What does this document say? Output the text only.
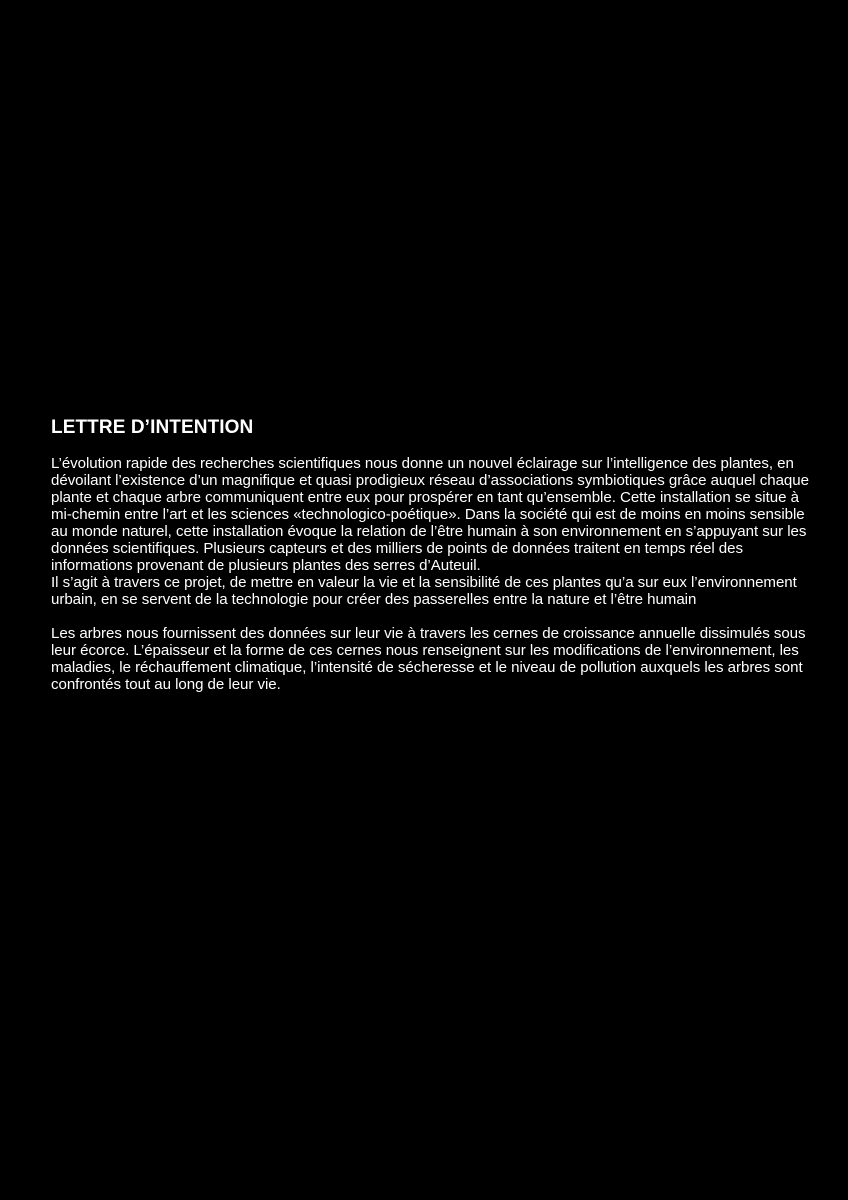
LETTRE D’INTENTION

L’évolution rapide des recherches scientifiques nous donne un nouvel éclairage sur l’intelligence des plantes, en dévoilant l’existence d’un magnifique et quasi prodigieux réseau d’associations symbiotiques grâce auquel chaque plante et chaque arbre communiquent entre eux pour prospérer en tant qu’ensemble. Cette installation se situe à mi-chemin entre l’art et les sciences «technologico-poétique». Dans la société qui est de moins en moins sensible au monde naturel, cette installation évoque la relation de l’être humain à son environnement en s’appuyant sur les données scientifiques. Plusieurs capteurs et des milliers de points de données traitent en temps réel des informations provenant de plusieurs plantes des serres d’Auteuil.

Il s’agit à travers ce projet, de mettre en valeur la vie et la sensibilité de ces plantes qu’a sur eux l’environnement urbain, en se servent de la technologie pour créer des passerelles entre la nature et l’être humain

Les arbres nous fournissent des données sur leur vie à travers les cernes de croissance annuelle dissimulés sous leur écorce. L’épaisseur et la forme de ces cernes nous renseignent sur les modifications de l’environnement, les maladies, le réchauffement climatique, l’intensité de sécheresse et le niveau de pollution auxquels les arbres sont confrontés tout au long de leur vie.
